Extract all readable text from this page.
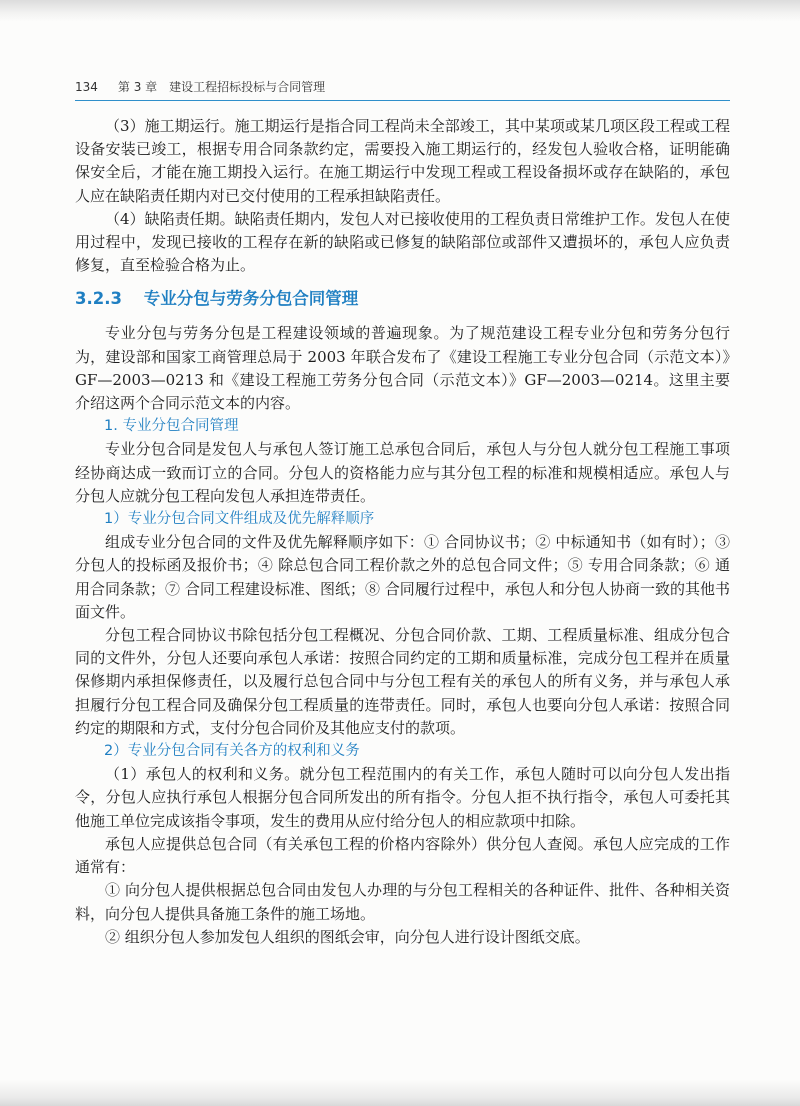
134 第 3 章 建设工程招标投标与合同管理

（3）施工期运行。施工期运行是指合同工程尚未全部竣工，其中某项或某几项区段工程或工程设备安装已竣工，根据专用合同条款约定，需要投入施工期运行的，经发包人验收合格，证明能确保安全后，才能在施工期投入运行。在施工期运行中发现工程或工程设备损坏或存在缺陷的，承包人应在缺陷责任期内对已交付使用的工程承担缺陷责任。

（4）缺陷责任期。缺陷责任期内，发包人对已接收使用的工程负责日常维护工作。发包人在使用过程中，发现已接收的工程存在新的缺陷或已修复的缺陷部位或部件又遭损坏的，承包人应负责修复，直至检验合格为止。

3.2.3 专业分包与劳务分包合同管理

专业分包与劳务分包是工程建设领域的普遍现象。为了规范建设工程专业分包和劳务分包行为，建设部和国家工商管理总局于 2003 年联合发布了《建设工程施工专业分包合同（示范文本）》GF—2003—0213 和《建设工程施工劳务分包合同（示范文本）》GF—2003—0214。这里主要介绍这两个合同示范文本的内容。

1. 专业分包合同管理

专业分包合同是发包人与承包人签订施工总承包合同后，承包人与分包人就分包工程施工事项经协商达成一致而订立的合同。分包人的资格能力应与其分包工程的标准和规模相适应。承包人与分包人应就分包工程向发包人承担连带责任。

1）专业分包合同文件组成及优先解释顺序

组成专业分包合同的文件及优先解释顺序如下：① 合同协议书；② 中标通知书（如有时）；③ 分包人的投标函及报价书；④ 除总包合同工程价款之外的总包合同文件；⑤ 专用合同条款；⑥ 通用合同条款；⑦ 合同工程建设标准、图纸；⑧ 合同履行过程中，承包人和分包人协商一致的其他书面文件。

分包工程合同协议书除包括分包工程概况、分包合同价款、工期、工程质量标准、组成分包合同的文件外，分包人还要向承包人承诺：按照合同约定的工期和质量标准，完成分包工程并在质量保修期内承担保修责任，以及履行总包合同中与分包工程有关的承包人的所有义务，并与承包人承担履行分包工程合同及确保分包工程质量的连带责任。同时，承包人也要向分包人承诺：按照合同约定的期限和方式，支付分包合同价及其他应支付的款项。

2）专业分包合同有关各方的权利和义务

（1）承包人的权利和义务。就分包工程范围内的有关工作，承包人随时可以向分包人发出指令，分包人应执行承包人根据分包合同所发出的所有指令。分包人拒不执行指令，承包人可委托其他施工单位完成该指令事项，发生的费用从应付给分包人的相应款项中扣除。

承包人应提供总包合同（有关承包工程的价格内容除外）供分包人查阅。承包人应完成的工作通常有：

① 向分包人提供根据总包合同由发包人办理的与分包工程相关的各种证件、批件、各种相关资料，向分包人提供具备施工条件的施工场地。

② 组织分包人参加发包人组织的图纸会审，向分包人进行设计图纸交底。
